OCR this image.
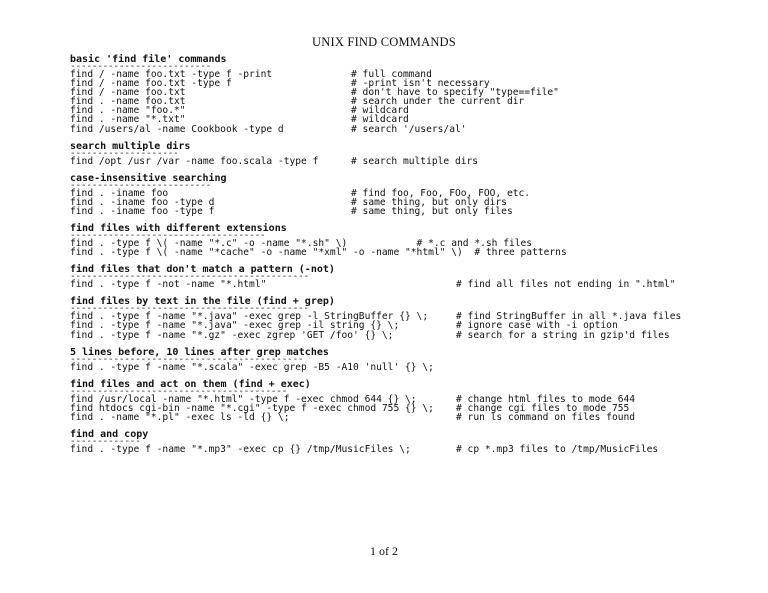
UNIX FIND COMMANDS
basic 'find file' commands
find / -name foo.txt -type f -print	# full command
find / -name foo.txt -type f	# -print isn't necessary
find / -name foo.txt	# don't have to specify "type==file"
find . -name foo.txt	# search under the current dir
find . -name "foo.*"	# wildcard
find . -name "*.txt"	# wildcard
find /users/al -name Cookbook -type d	# search '/users/al'
search multiple dirs
find /opt /usr /var -name foo.scala -type f	# search multiple dirs
case-insensitive searching
find . -iname foo	# find foo, Foo, FOo, FOO, etc.
find . -iname foo -type d	# same thing, but only dirs
find . -iname foo -type f	# same thing, but only files
find files with different extensions
find . -type f \( -name "*.c" -o -name "*.sh" \)            # *.c and *.sh files
find . -type f \( -name "*cache" -o -name "*xml" -o -name "*html" \)  # three patterns
find files that don't match a pattern (-not)
find . -type f -not -name "*.html"	# find all files not ending in ".html"
find files by text in the file (find + grep)
find . -type f -name "*.java" -exec grep -l StringBuffer {} \;	# find StringBuffer in all *.java files
find . -type f -name "*.java" -exec grep -il string {} \;	# ignore case with -i option
find . -type f -name "*.gz" -exec zgrep 'GET /foo' {} \;	# search for a string in gzip'd files
5 lines before, 10 lines after grep matches
find . -type f -name "*.scala" -exec grep -B5 -A10 'null' {} \;
find files and act on them (find + exec)
find /usr/local -name "*.html" -type f -exec chmod 644 {} \;	# change html files to mode 644
find htdocs cgi-bin -name "*.cgi" -type f -exec chmod 755 {} \; # change cgi files to mode 755
find . -name "*.pl" -exec ls -ld {} \;	# run ls command on files found
find and copy
find . -type f -name "*.mp3" -exec cp {} /tmp/MusicFiles \;	# cp *.mp3 files to /tmp/MusicFiles
1 of 2
